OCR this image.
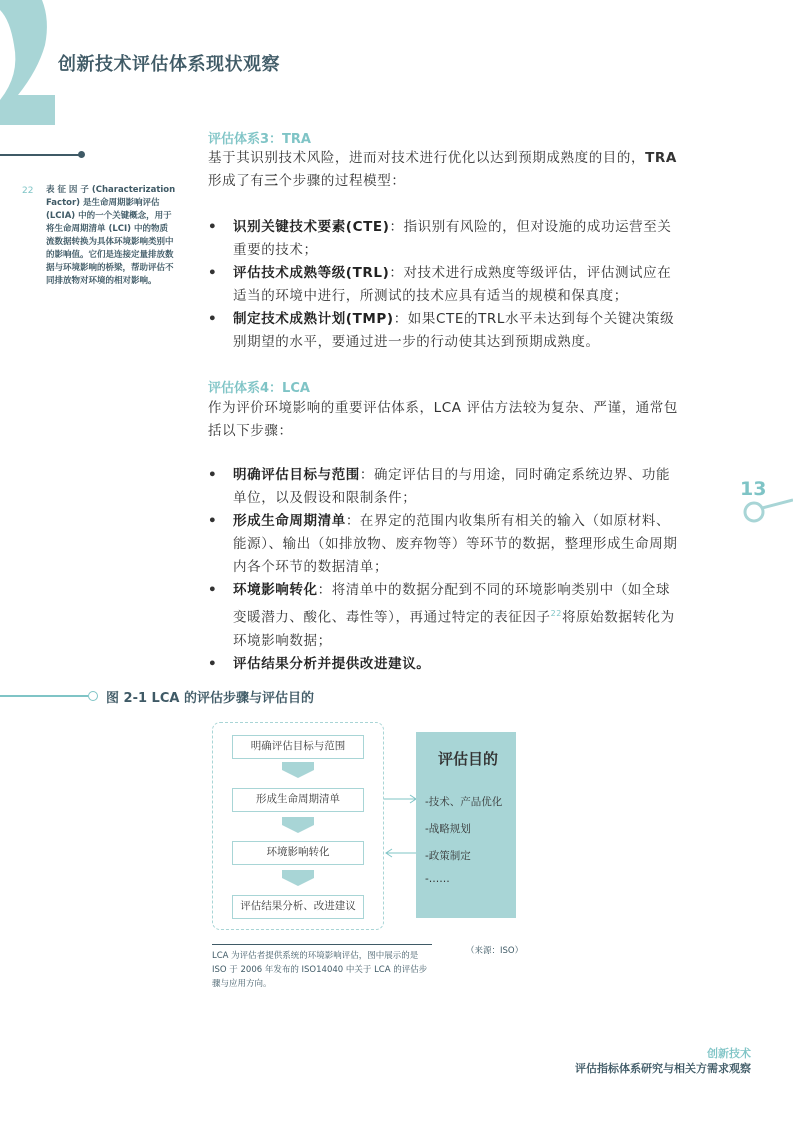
创新技术评估体系现状观察
22 表 征 因 子 (Characterization Factor) 是生命周期影响评估 (LCIA) 中的一个关键概念，用于将生命周期清单 (LCI) 中的物质流数据转换为具体环境影响类别中的影响值。它们是连接定量排放数据与环境影响的桥梁，帮助评估不同排放物对环境的相对影响。
评估体系3：TRA
基于其识别技术风险，进而对技术进行优化以达到预期成熟度的目的，TRA形成了有三个步骤的过程模型：
• 识别关键技术要素(CTE)：指识别有风险的，但对设施的成功运营至关重要的技术；
• 评估技术成熟等级(TRL)：对技术进行成熟度等级评估，评估测试应在适当的环境中进行，所测试的技术应具有适当的规模和保真度；
• 制定技术成熟计划(TMP)：如果CTE的TRL水平未达到每个关键决策级别期望的水平，要通过进一步的行动使其达到预期成熟度。
评估体系4：LCA
作为评价环境影响的重要评估体系，LCA 评估方法较为复杂、严谨，通常包括以下步骤：
• 明确评估目标与范围：确定评估目的与用途，同时确定系统边界、功能单位，以及假设和限制条件；
• 形成生命周期清单：在界定的范围内收集所有相关的输入（如原材料、能源）、输出（如排放物、废弃物等）等环节的数据，整理形成生命周期内各个环节的数据清单；
• 环境影响转化：将清单中的数据分配到不同的环境影响类别中（如全球变暖潜力、酸化、毒性等），再通过特定的表征因子$^{22}$将原始数据转化为环境影响数据；
• 评估结果分析并提供改进建议。
13
图 2-1 LCA 的评估步骤与评估目的
明确评估目标与范围
形成生命周期清单
环境影响转化
评估结果分析、改进建议
评估目的
-技术、产品优化
-战略规划
-政策制定
-……
LCA 为评估者提供系统的环境影响评估，图中展示的是 ISO 于 2006 年发布的 ISO14040 中关于 LCA 的评估步骤与应用方向。
（来源：ISO）
创新技术
评估指标体系研究与相关方需求观察
